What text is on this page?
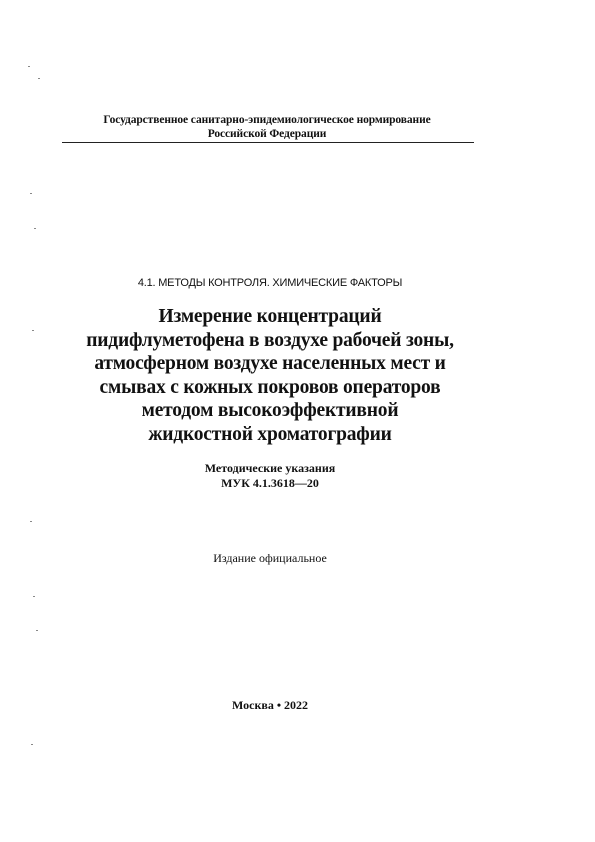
Государственное санитарно-эпидемиологическое нормирование
Российской Федерации
4.1. МЕТОДЫ КОНТРОЛЯ. ХИМИЧЕСКИЕ ФАКТОРЫ
Измерение концентраций
пидифлуметофена в воздухе рабочей зоны,
атмосферном воздухе населенных мест и
смывах с кожных покровов операторов
методом высокоэффективной
жидкостной хроматографии
Методические указания
МУК 4.1.3618—20
Издание официальное
Москва • 2022
